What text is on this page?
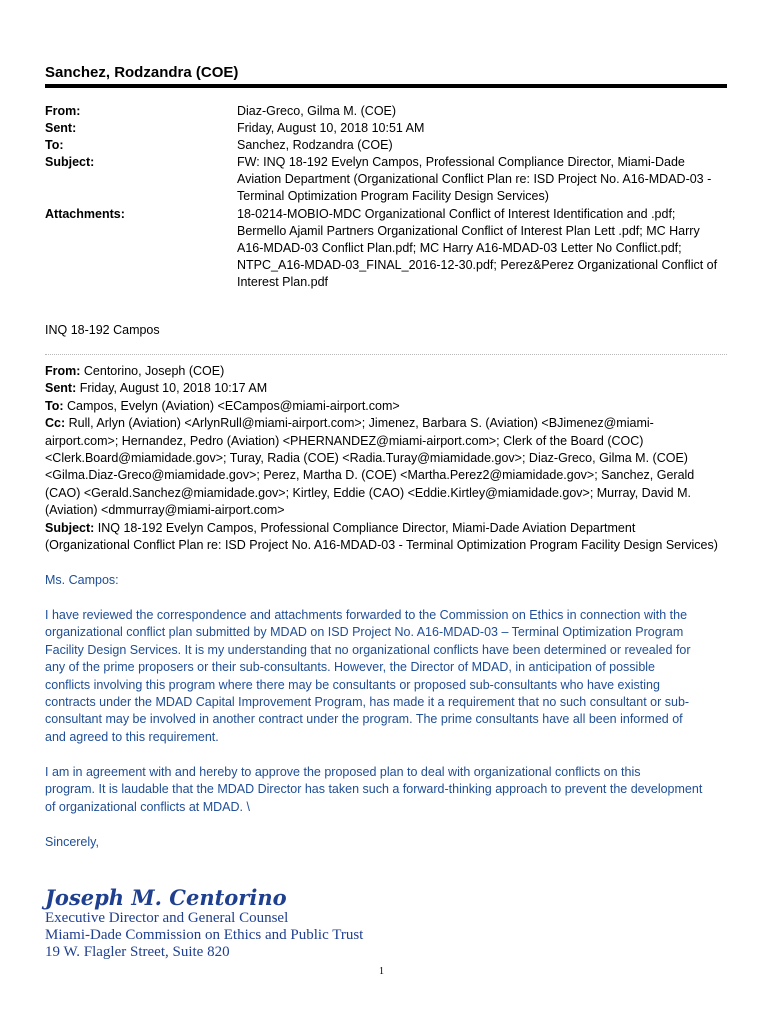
Sanchez, Rodzandra (COE)
From:	Diaz-Greco, Gilma M. (COE)
Sent:	Friday, August 10, 2018 10:51 AM
To:	Sanchez, Rodzandra (COE)
Subject:	FW: INQ 18-192 Evelyn Campos, Professional Compliance Director, Miami-Dade
Aviation Department (Organizational Conflict Plan re: ISD Project No. A16-MDAD-03 -
Terminal Optimization Program Facility Design Services)
Attachments:	18-0214-MOBIO-MDC Organizational Conflict of Interest Identification and .pdf;
Bermello Ajamil Partners Organizational Conflict of Interest Plan Lett .pdf; MC Harry
A16-MDAD-03 Conflict Plan.pdf; MC Harry A16-MDAD-03 Letter No Conflict.pdf;
NTPC_A16-MDAD-03_FINAL_2016-12-30.pdf; Perez&Perez Organizational Conflict of
Interest Plan.pdf
INQ 18-192 Campos
From: Centorino, Joseph (COE)
Sent: Friday, August 10, 2018 10:17 AM
To: Campos, Evelyn (Aviation) <ECampos@miami-airport.com>
Cc: Rull, Arlyn (Aviation) <ArlynRull@miami-airport.com>; Jimenez, Barbara S. (Aviation) <BJimenez@miami-
airport.com>; Hernandez, Pedro (Aviation) <PHERNANDEZ@miami-airport.com>; Clerk of the Board (COC)
<Clerk.Board@miamidade.gov>; Turay, Radia (COE) <Radia.Turay@miamidade.gov>; Diaz-Greco, Gilma M. (COE)
<Gilma.Diaz-Greco@miamidade.gov>; Perez, Martha D. (COE) <Martha.Perez2@miamidade.gov>; Sanchez, Gerald
(CAO) <Gerald.Sanchez@miamidade.gov>; Kirtley, Eddie (CAO) <Eddie.Kirtley@miamidade.gov>; Murray, David M.
(Aviation) <dmmurray@miami-airport.com>
Subject: INQ 18-192 Evelyn Campos, Professional Compliance Director, Miami-Dade Aviation Department
(Organizational Conflict Plan re: ISD Project No. A16-MDAD-03 - Terminal Optimization Program Facility Design Services)
Ms. Campos:
I have reviewed the correspondence and attachments forwarded to the Commission on Ethics in connection with the
organizational conflict plan submitted by MDAD on ISD Project No. A16-MDAD-03 – Terminal Optimization Program
Facility Design Services. It is my understanding that no organizational conflicts have been determined or revealed for
any of the prime proposers or their sub-consultants. However, the Director of MDAD, in anticipation of possible
conflicts involving this program where there may be consultants or proposed sub-consultants who have existing
contracts under the MDAD Capital Improvement Program, has made it a requirement that no such consultant or sub-
consultant may be involved in another contract under the program. The prime consultants have all been informed of
and agreed to this requirement.
I am in agreement with and hereby to approve the proposed plan to deal with organizational conflicts on this
program. It is laudable that the MDAD Director has taken such a forward-thinking approach to prevent the development
of organizational conflicts at MDAD. \
Sincerely,
Joseph M. Centorino
Executive Director and General Counsel
Miami-Dade Commission on Ethics and Public Trust
19 W. Flagler Street, Suite 820
1
